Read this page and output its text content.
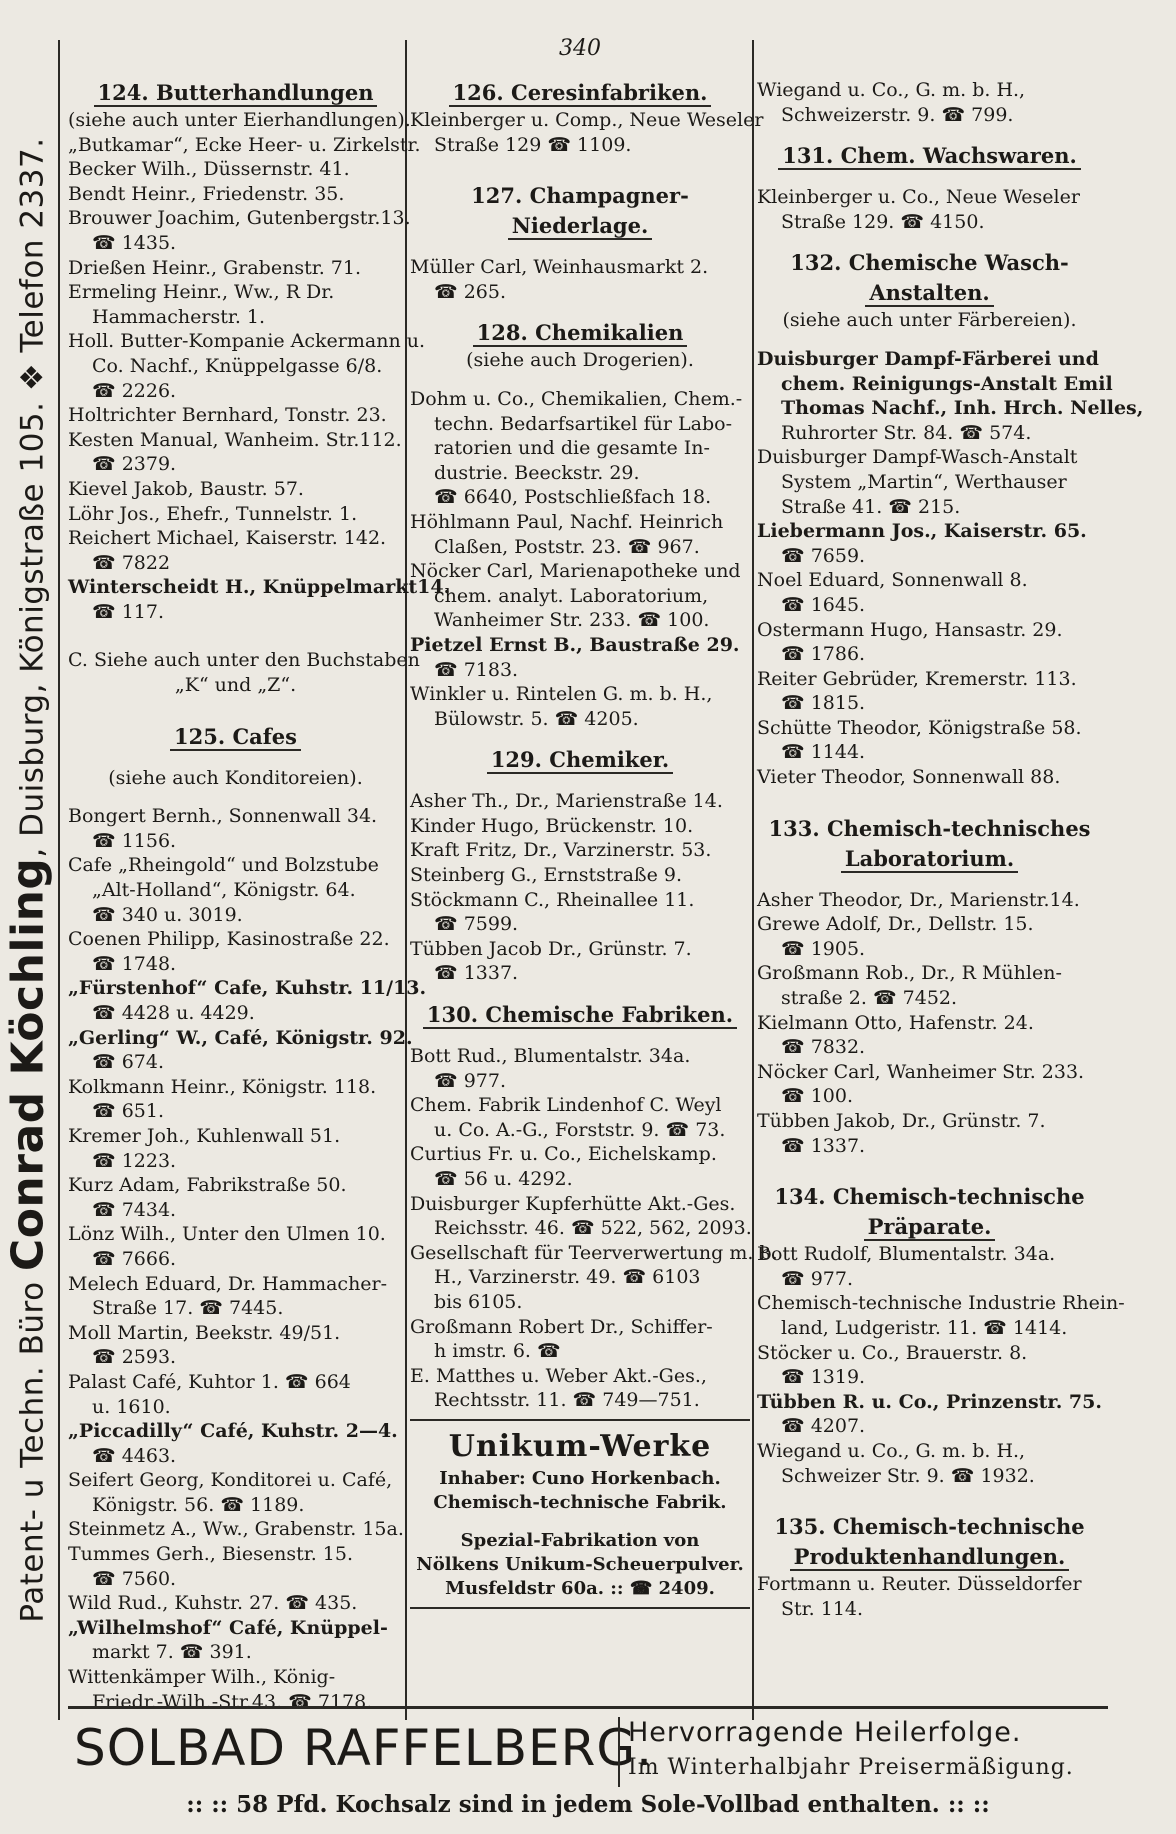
Patent- u Techn. Büro Conrad Köchling, Duisburg, Königstraße 105. ❖ Telefon 2337.
340
124. Butterhandlungen
(siehe auch unter Eierhandlungen).
„Butkamar“, Ecke Heer- u. Zirkelstr.
Becker Wilh., Düssernstr. 41.
Bendt Heinr., Friedenstr. 35.
Brouwer Joachim, Gutenbergstr.13.
☎ 1435.
Drießen Heinr., Grabenstr. 71.
Ermeling Heinr., Ww., R Dr.
Hammacherstr. 1.
Holl. Butter-Kompanie Ackermann u.
Co. Nachf., Knüppelgasse 6/8.
☎ 2226.
Holtrichter Bernhard, Tonstr. 23.
Kesten Manual, Wanheim. Str.112.
☎ 2379.
Kievel Jakob, Baustr. 57.
Löhr Jos., Ehefr., Tunnelstr. 1.
Reichert Michael, Kaiserstr. 142.
☎ 7822
Winterscheidt H., Knüppelmarkt14.
☎ 117.
C. Siehe auch unter den Buchstaben
„K“ und „Z“.
125. Cafes
(siehe auch Konditoreien).
Bongert Bernh., Sonnenwall 34.
☎ 1156.
Cafe „Rheingold“ und Bolzstube
„Alt-Holland“, Königstr. 64.
☎ 340 u. 3019.
Coenen Philipp, Kasinostraße 22.
☎ 1748.
„Fürstenhof“ Cafe, Kuhstr. 11/13.
☎ 4428 u. 4429.
„Gerling“ W., Café, Königstr. 92.
☎ 674.
Kolkmann Heinr., Königstr. 118.
☎ 651.
Kremer Joh., Kuhlenwall 51.
☎ 1223.
Kurz Adam, Fabrikstraße 50.
☎ 7434.
Lönz Wilh., Unter den Ulmen 10.
☎ 7666.
Melech Eduard, Dr. Hammacher-
Straße 17. ☎ 7445.
Moll Martin, Beekstr. 49/51.
☎ 2593.
Palast Café, Kuhtor 1. ☎ 664
u. 1610.
„Piccadilly“ Café, Kuhstr. 2—4.
☎ 4463.
Seifert Georg, Konditorei u. Café,
Königstr. 56. ☎ 1189.
Steinmetz A., Ww., Grabenstr. 15a.
Tummes Gerh., Biesenstr. 15.
☎ 7560.
Wild Rud., Kuhstr. 27. ☎ 435.
„Wilhelmshof“ Café, Knüppel-
markt 7. ☎ 391.
Wittenkämper Wilh., König-
Friedr.-Wilh.-Str.43. ☎ 7178.
126. Ceresinfabriken.
Kleinberger u. Comp., Neue Weseler
Straße 129 ☎ 1109.
127. Champagner-
Niederlage.
Müller Carl, Weinhausmarkt 2.
☎ 265.
128. Chemikalien
(siehe auch Drogerien).
Dohm u. Co., Chemikalien, Chem.-
techn. Bedarfsartikel für Labo-
ratorien und die gesamte In-
dustrie. Beeckstr. 29.
☎ 6640, Postschließfach 18.
Höhlmann Paul, Nachf. Heinrich
Claßen, Poststr. 23. ☎ 967.
Nöcker Carl, Marienapotheke und
chem. analyt. Laboratorium,
Wanheimer Str. 233. ☎ 100.
Pietzel Ernst B., Baustraße 29.
☎ 7183.
Winkler u. Rintelen G. m. b. H.,
Bülowstr. 5. ☎ 4205.
129. Chemiker.
Asher Th., Dr., Marienstraße 14.
Kinder Hugo, Brückenstr. 10.
Kraft Fritz, Dr., Varzinerstr. 53.
Steinberg G., Ernststraße 9.
Stöckmann C., Rheinallee 11.
☎ 7599.
Tübben Jacob Dr., Grünstr. 7.
☎ 1337.
130. Chemische Fabriken.
Bott Rud., Blumentalstr. 34a.
☎ 977.
Chem. Fabrik Lindenhof C. Weyl
u. Co. A.-G., Forststr. 9. ☎ 73.
Curtius Fr. u. Co., Eichelskamp.
☎ 56 u. 4292.
Duisburger Kupferhütte Akt.-Ges.
Reichsstr. 46. ☎ 522, 562, 2093.
Gesellschaft für Teerverwertung m. b.
H., Varzinerstr. 49. ☎ 6103
bis 6105.
Großmann Robert Dr., Schiffer-
h imstr. 6. ☎
E. Matthes u. Weber Akt.-Ges.,
Rechtsstr. 11. ☎ 749—751.
Unikum-Werke
Inhaber: Cuno Horkenbach.
Chemisch-technische Fabrik.
Spezial-Fabrikation von
Nölkens Unikum-Scheuerpulver.
Musfeldstr 60a. :: ☎ 2409.
Wiegand u. Co., G. m. b. H.,
Schweizerstr. 9. ☎ 799.
131. Chem. Wachswaren.
Kleinberger u. Co., Neue Weseler
Straße 129. ☎ 4150.
132. Chemische Wasch-
Anstalten.
(siehe auch unter Färbereien).
Duisburger Dampf-Färberei und
chem. Reinigungs-Anstalt Emil
Thomas Nachf., Inh. Hrch. Nelles,
Ruhrorter Str. 84. ☎ 574.
Duisburger Dampf-Wasch-Anstalt
System „Martin“, Werthauser
Straße 41. ☎ 215.
Liebermann Jos., Kaiserstr. 65.
☎ 7659.
Noel Eduard, Sonnenwall 8.
☎ 1645.
Ostermann Hugo, Hansastr. 29.
☎ 1786.
Reiter Gebrüder, Kremerstr. 113.
☎ 1815.
Schütte Theodor, Königstraße 58.
☎ 1144.
Vieter Theodor, Sonnenwall 88.
133. Chemisch-technisches
Laboratorium.
Asher Theodor, Dr., Marienstr.14.
Grewe Adolf, Dr., Dellstr. 15.
☎ 1905.
Großmann Rob., Dr., R Mühlen-
straße 2. ☎ 7452.
Kielmann Otto, Hafenstr. 24.
☎ 7832.
Nöcker Carl, Wanheimer Str. 233.
☎ 100.
Tübben Jakob, Dr., Grünstr. 7.
☎ 1337.
134. Chemisch-technische
Präparate.
Bott Rudolf, Blumentalstr. 34a.
☎ 977.
Chemisch-technische Industrie Rhein-
land, Ludgeristr. 11. ☎ 1414.
Stöcker u. Co., Brauerstr. 8.
☎ 1319.
Tübben R. u. Co., Prinzenstr. 75.
☎ 4207.
Wiegand u. Co., G. m. b. H.,
Schweizer Str. 9. ☎ 1932.
135. Chemisch-technische
Produktenhandlungen.
Fortmann u. Reuter. Düsseldorfer
Str. 114.
SOLBAD RAFFELBERG.
Hervorragende Heilerfolge.
Im Winterhalbjahr Preisermäßigung.
:: :: 58 Pfd. Kochsalz sind in jedem Sole-Vollbad enthalten. :: ::
